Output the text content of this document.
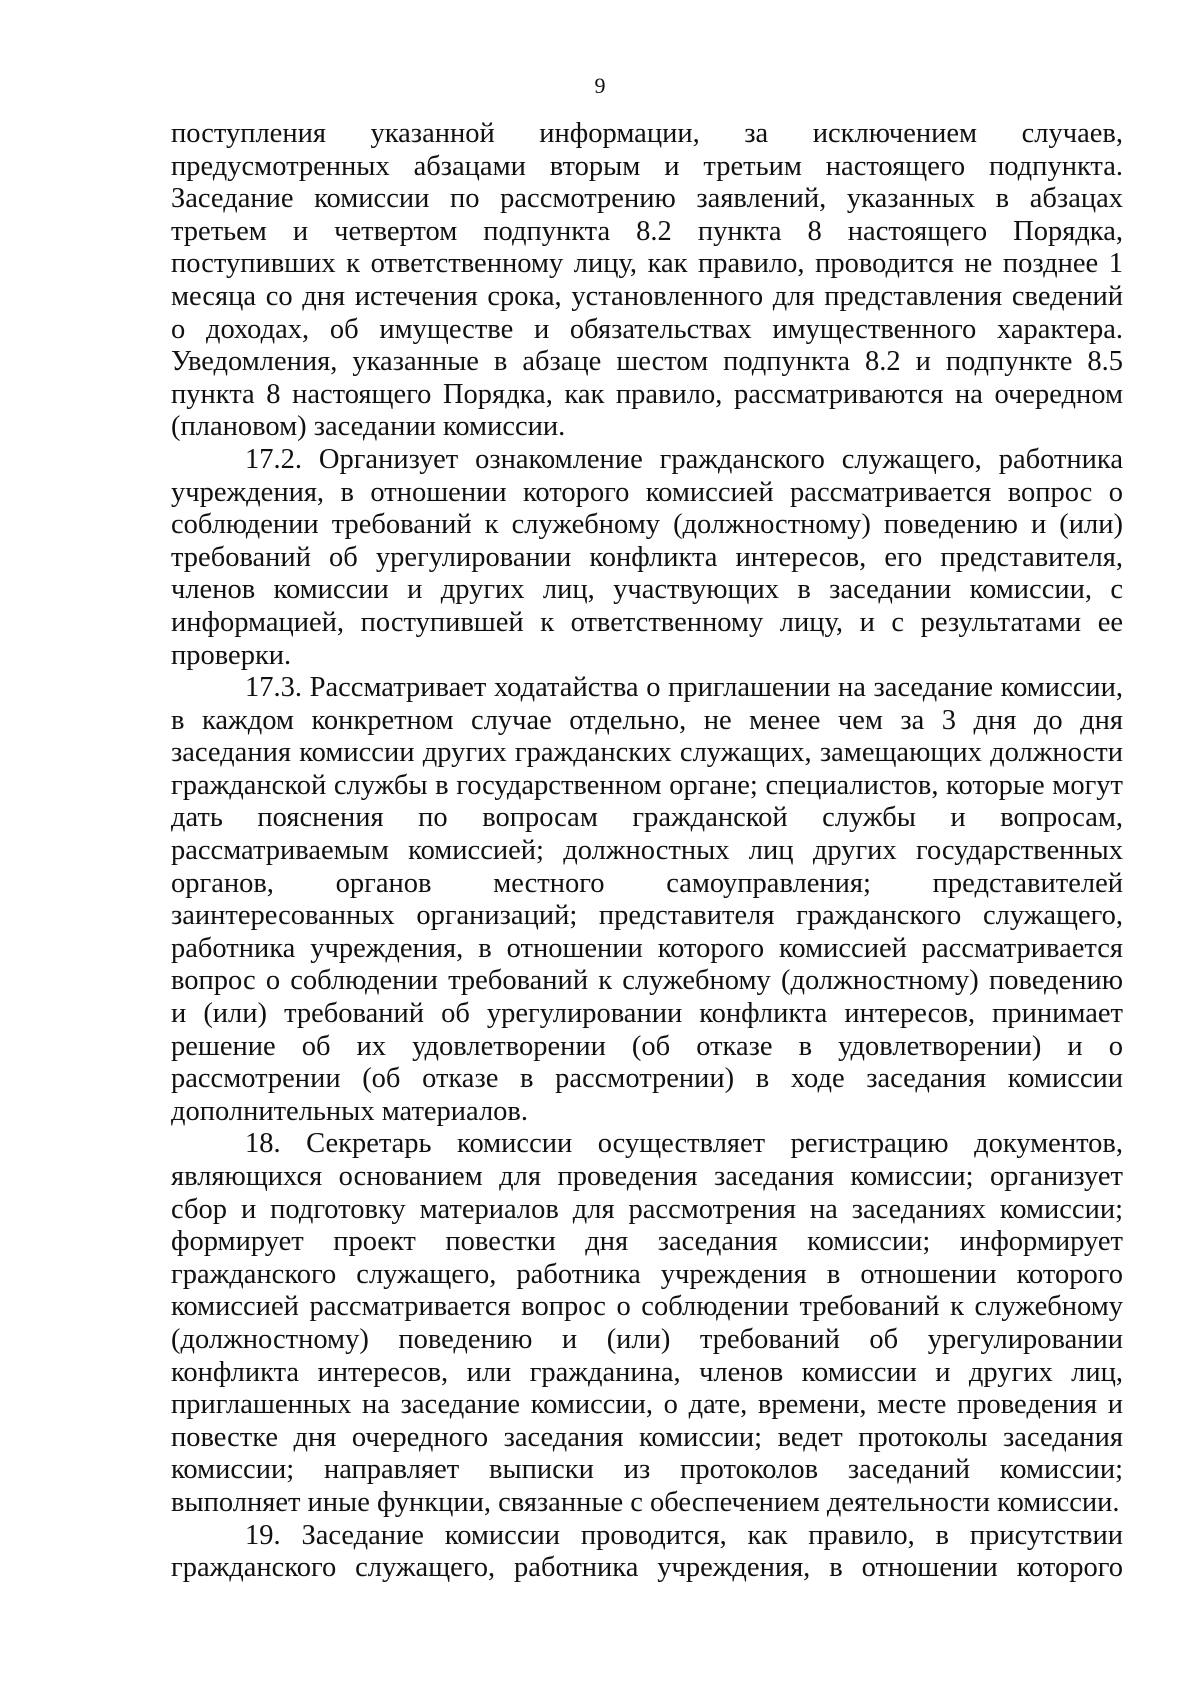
9

поступления указанной информации, за исключением случаев, предусмотренных абзацами вторым и третьим настоящего подпункта. Заседание комиссии по рассмотрению заявлений, указанных в абзацах третьем и четвертом подпункта 8.2 пункта 8 настоящего Порядка, поступивших к ответственному лицу, как правило, проводится не позднее 1 месяца со дня истечения срока, установленного для представления сведений о доходах, об имуществе и обязательствах имущественного характера. Уведомления, указанные в абзаце шестом подпункта 8.2 и подпункте 8.5 пункта 8 настоящего Порядка, как правило, рассматриваются на очередном (плановом) заседании комиссии.

17.2. Организует ознакомление гражданского служащего, работника учреждения, в отношении которого комиссией рассматривается вопрос о соблюдении требований к служебному (должностному) поведению и (или) требований об урегулировании конфликта интересов, его представителя, членов комиссии и других лиц, участвующих в заседании комиссии, с информацией, поступившей к ответственному лицу, и с результатами ее проверки.

17.3. Рассматривает ходатайства о приглашении на заседание комиссии, в каждом конкретном случае отдельно, не менее чем за 3 дня до дня заседания комиссии других гражданских служащих, замещающих должности гражданской службы в государственном органе; специалистов, которые могут дать пояснения по вопросам гражданской службы и вопросам, рассматриваемым комиссией; должностных лиц других государственных органов, органов местного самоуправления; представителей заинтересованных организаций; представителя гражданского служащего, работника учреждения, в отношении которого комиссией рассматривается вопрос о соблюдении требований к служебному (должностному) поведению и (или) требований об урегулировании конфликта интересов, принимает решение об их удовлетворении (об отказе в удовлетворении) и о рассмотрении (об отказе в рассмотрении) в ходе заседания комиссии дополнительных материалов.

18. Секретарь комиссии осуществляет регистрацию документов, являющихся основанием для проведения заседания комиссии; организует сбор и подготовку материалов для рассмотрения на заседаниях комиссии; формирует проект повестки дня заседания комиссии; информирует гражданского служащего, работника учреждения в отношении которого комиссией рассматривается вопрос о соблюдении требований к служебному (должностному) поведению и (или) требований об урегулировании конфликта интересов, или гражданина, членов комиссии и других лиц, приглашенных на заседание комиссии, о дате, времени, месте проведения и повестке дня очередного заседания комиссии; ведет протоколы заседания комиссии; направляет выписки из протоколов заседаний комиссии; выполняет иные функции, связанные с обеспечением деятельности комиссии.

19. Заседание комиссии проводится, как правило, в присутствии гражданского служащего, работника учреждения, в отношении которого
